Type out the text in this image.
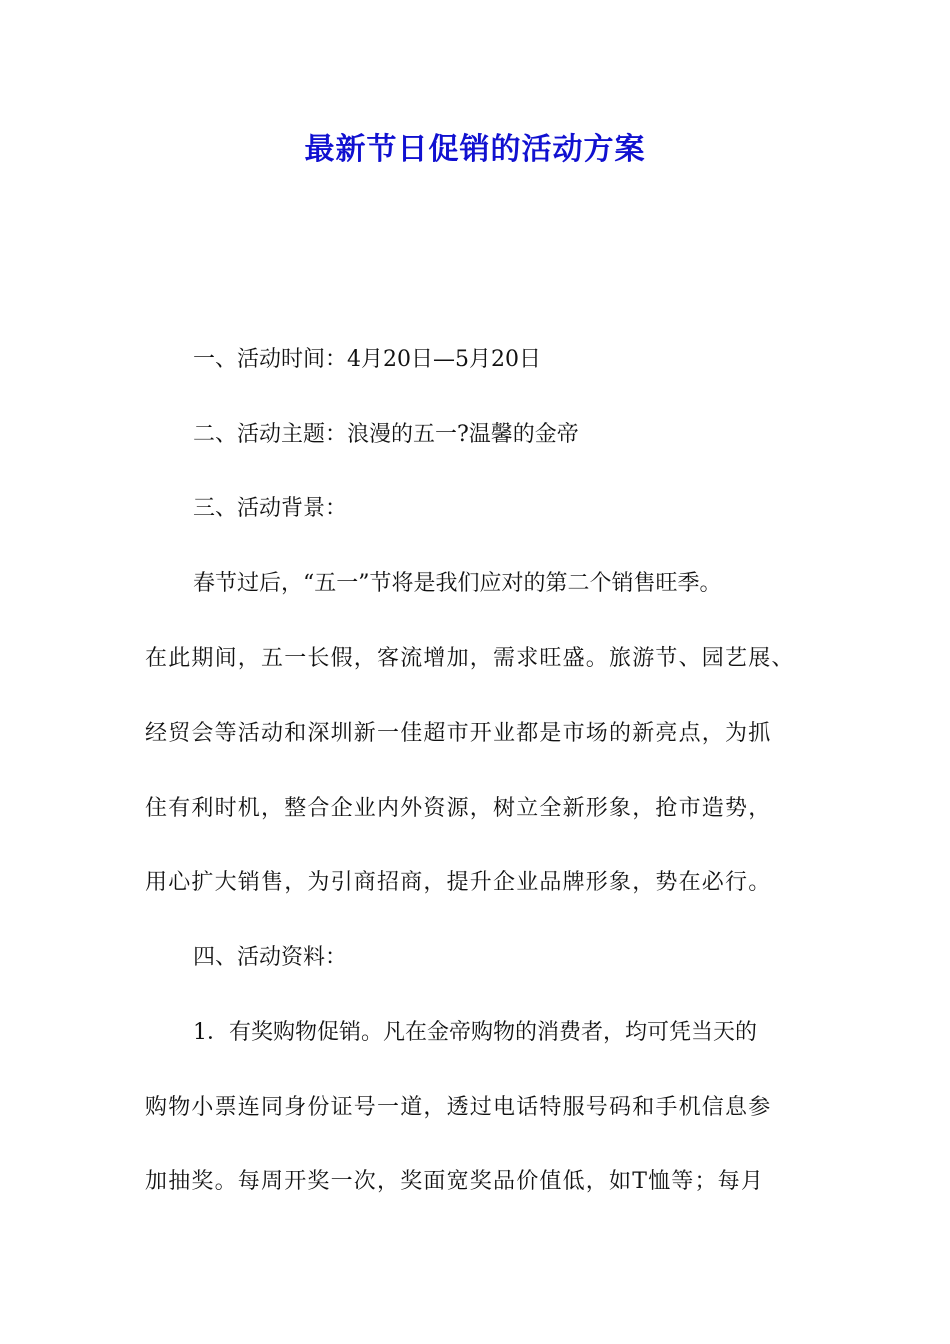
最新节日促销的活动方案
一、活动时间：4月20日—5月20日
二、活动主题：浪漫的五一?温馨的金帝
三、活动背景：
春节过后，“五一”节将是我们应对的第二个销售旺季。
在此期间，五一长假，客流增加，需求旺盛。旅游节、园艺展、
经贸会等活动和深圳新一佳超市开业都是市场的新亮点，为抓
住有利时机，整合企业内外资源，树立全新形象，抢市造势，
用心扩大销售，为引商招商，提升企业品牌形象，势在必行。
四、活动资料：
1．有奖购物促销。凡在金帝购物的消费者，均可凭当天的
购物小票连同身份证号一道，透过电话特服号码和手机信息参
加抽奖。每周开奖一次，奖面宽奖品价值低，如T恤等；每月
